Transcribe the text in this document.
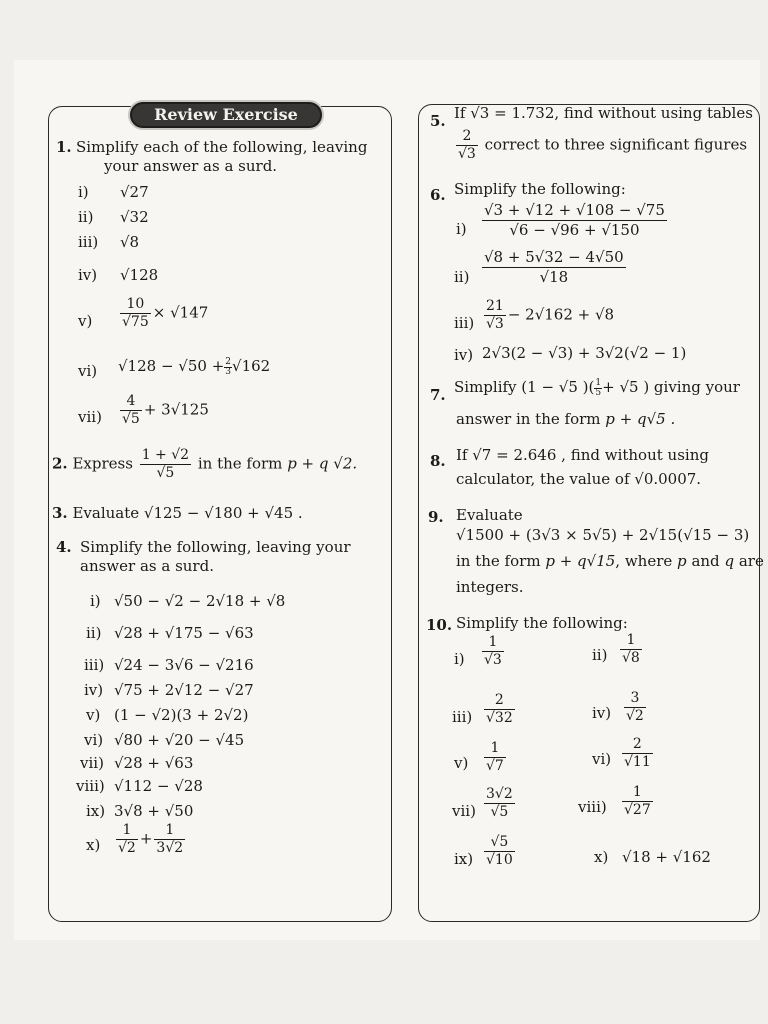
Review Exercise
1. Simplify each of the following, leaving
your answer as a surd.
i) √27
ii) √32
iii) √8
iv) √128
$v) \frac{10}{√75} \times √147$
vi) $√128 - √50 + \frac{2}{3} √162$
$vii) \frac{4}{√5} + 3√125$
2. Express $\frac{1 + √2}{√5}$ in the form p + q √2.
3. Evaluate √125 − √180 + √45 .
4. Simplify the following, leaving your
answer as a surd.
i) √50 − √2 − 2√18 + √8
ii) √28 + √175 − √63
iii) √24 − 3√6 − √216
iv) √75 + 2√12 − √27
v) (1 − √2)(3 + 2√2)
vi) √80 + √20 − √45
vii) √28 + √63
viii) √112 − √28
ix) 3√8 + √50
$x) \frac{1}{√2} + \frac{1}{3√2}$
5. If √3 = 1.732, find without using tables
$\frac{2}{√3}$ correct to three significant figures
6. Simplify the following:
$i) \frac{√3 + √12 + √108 - √75}{√6 - √96 + √150}$
$ii) \frac{√8 + 5√32 - 4√50}{√18}$
$iii) \frac{21}{√3} - 2√162 + √8$
iv) 2√3(2 − √3) + 3√2(√2 − 1)
7. Simplify (1 − √5 )( $\frac{1}{5} + √5$ ) giving your
answer in the form p + q√5 .
8. If √7 = 2.646 , find without using
calculator, the value of √0.0007.
9. Evaluate
√1500 + (3√3 × 5√5) + 2√15(√15 − 3)
in the form p + q√15, where p and q are
integers.
10. Simplify the following:
$i) \frac{1}{√3}$	$ii) \frac{1}{√8}$
$iii) \frac{2}{√32}$	$iv) \frac{3}{√2}$
$v) \frac{1}{√7}$	$vi) \frac{2}{√11}$
$vii) \frac{3√2}{√5}$	viii) $\frac{1}{√27}$
$ix) \frac{√5}{√10}$	x) √18 + √162
